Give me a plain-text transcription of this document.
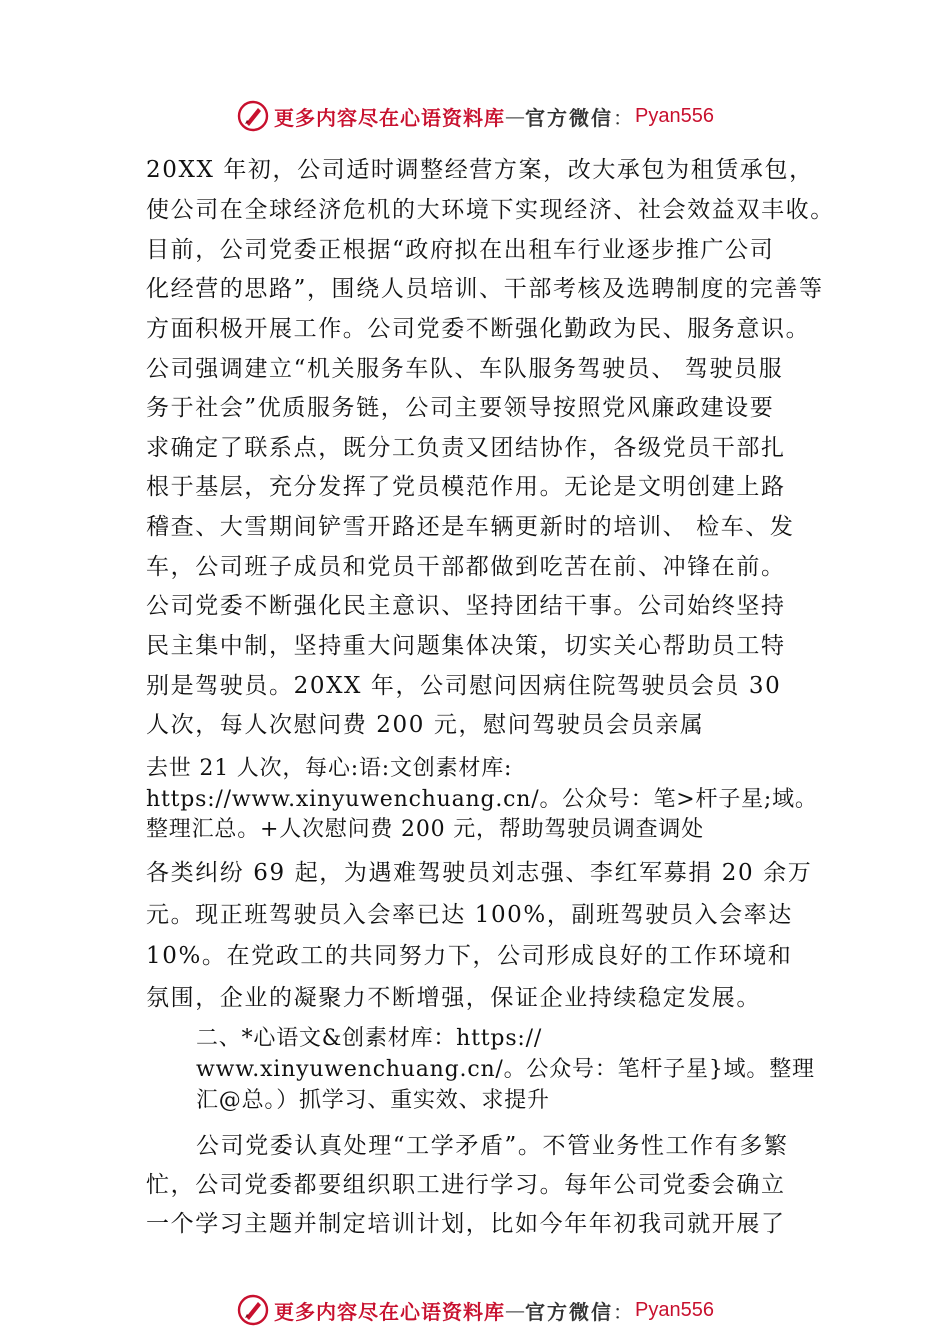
更多内容尽在心语资料库 — 官方微信 ： Pyan556
20XX 年初，公司适时调整经营方案，改大承包为租赁承包，
使公司在全球经济危机的大环境下实现经济、社会效益双丰收。
目前，公司党委正根据“政府拟在出租车行业逐步推广公司
化经营的思路”，围绕人员培训、干部考核及选聘制度的完善等
方面积极开展工作。公司党委不断强化勤政为民、服务意识。
公司强调建立“机关服务车队、车队服务驾驶员、 驾驶员服
务于社会”优质服务链，公司主要领导按照党风廉政建设要
求确定了联系点，既分工负责又团结协作，各级党员干部扎
根于基层，充分发挥了党员模范作用。无论是文明创建上路
稽查、大雪期间铲雪开路还是车辆更新时的培训、 检车、发
车，公司班子成员和党员干部都做到吃苦在前、冲锋在前。
公司党委不断强化民主意识、坚持团结干事。公司始终坚持
民主集中制，坚持重大问题集体决策，切实关心帮助员工特
别是驾驶员。20XX 年，公司慰问因病住院驾驶员会员 30
人次，每人次慰问费 200 元，慰问驾驶员会员亲属
去世 21 人次，每心:语:文创素材库:
https://www.xinyuwenchuang.cn/。公众号：笔>杆子星;域。
整理汇总。+人次慰问费 200 元，帮助驾驶员调查调处
各类纠纷 69 起，为遇难驾驶员刘志强、李红军募捐 20 余万
元。现正班驾驶员入会率已达 100%，副班驾驶员入会率达
10%。在党政工的共同努力下，公司形成良好的工作环境和
氛围，企业的凝聚力不断增强，保证企业持续稳定发展。
二、*心语文&创素材库：https://
www.xinyuwenchuang.cn/。公众号：笔杆子星}域。整理
汇@总。）抓学习、重实效、求提升
公司党委认真处理“工学矛盾”。不管业务性工作有多繁
忙，公司党委都要组织职工进行学习。每年公司党委会确立
一个学习主题并制定培训计划，比如今年年初我司就开展了
更多内容尽在心语资料库 — 官方微信 ： Pyan556
